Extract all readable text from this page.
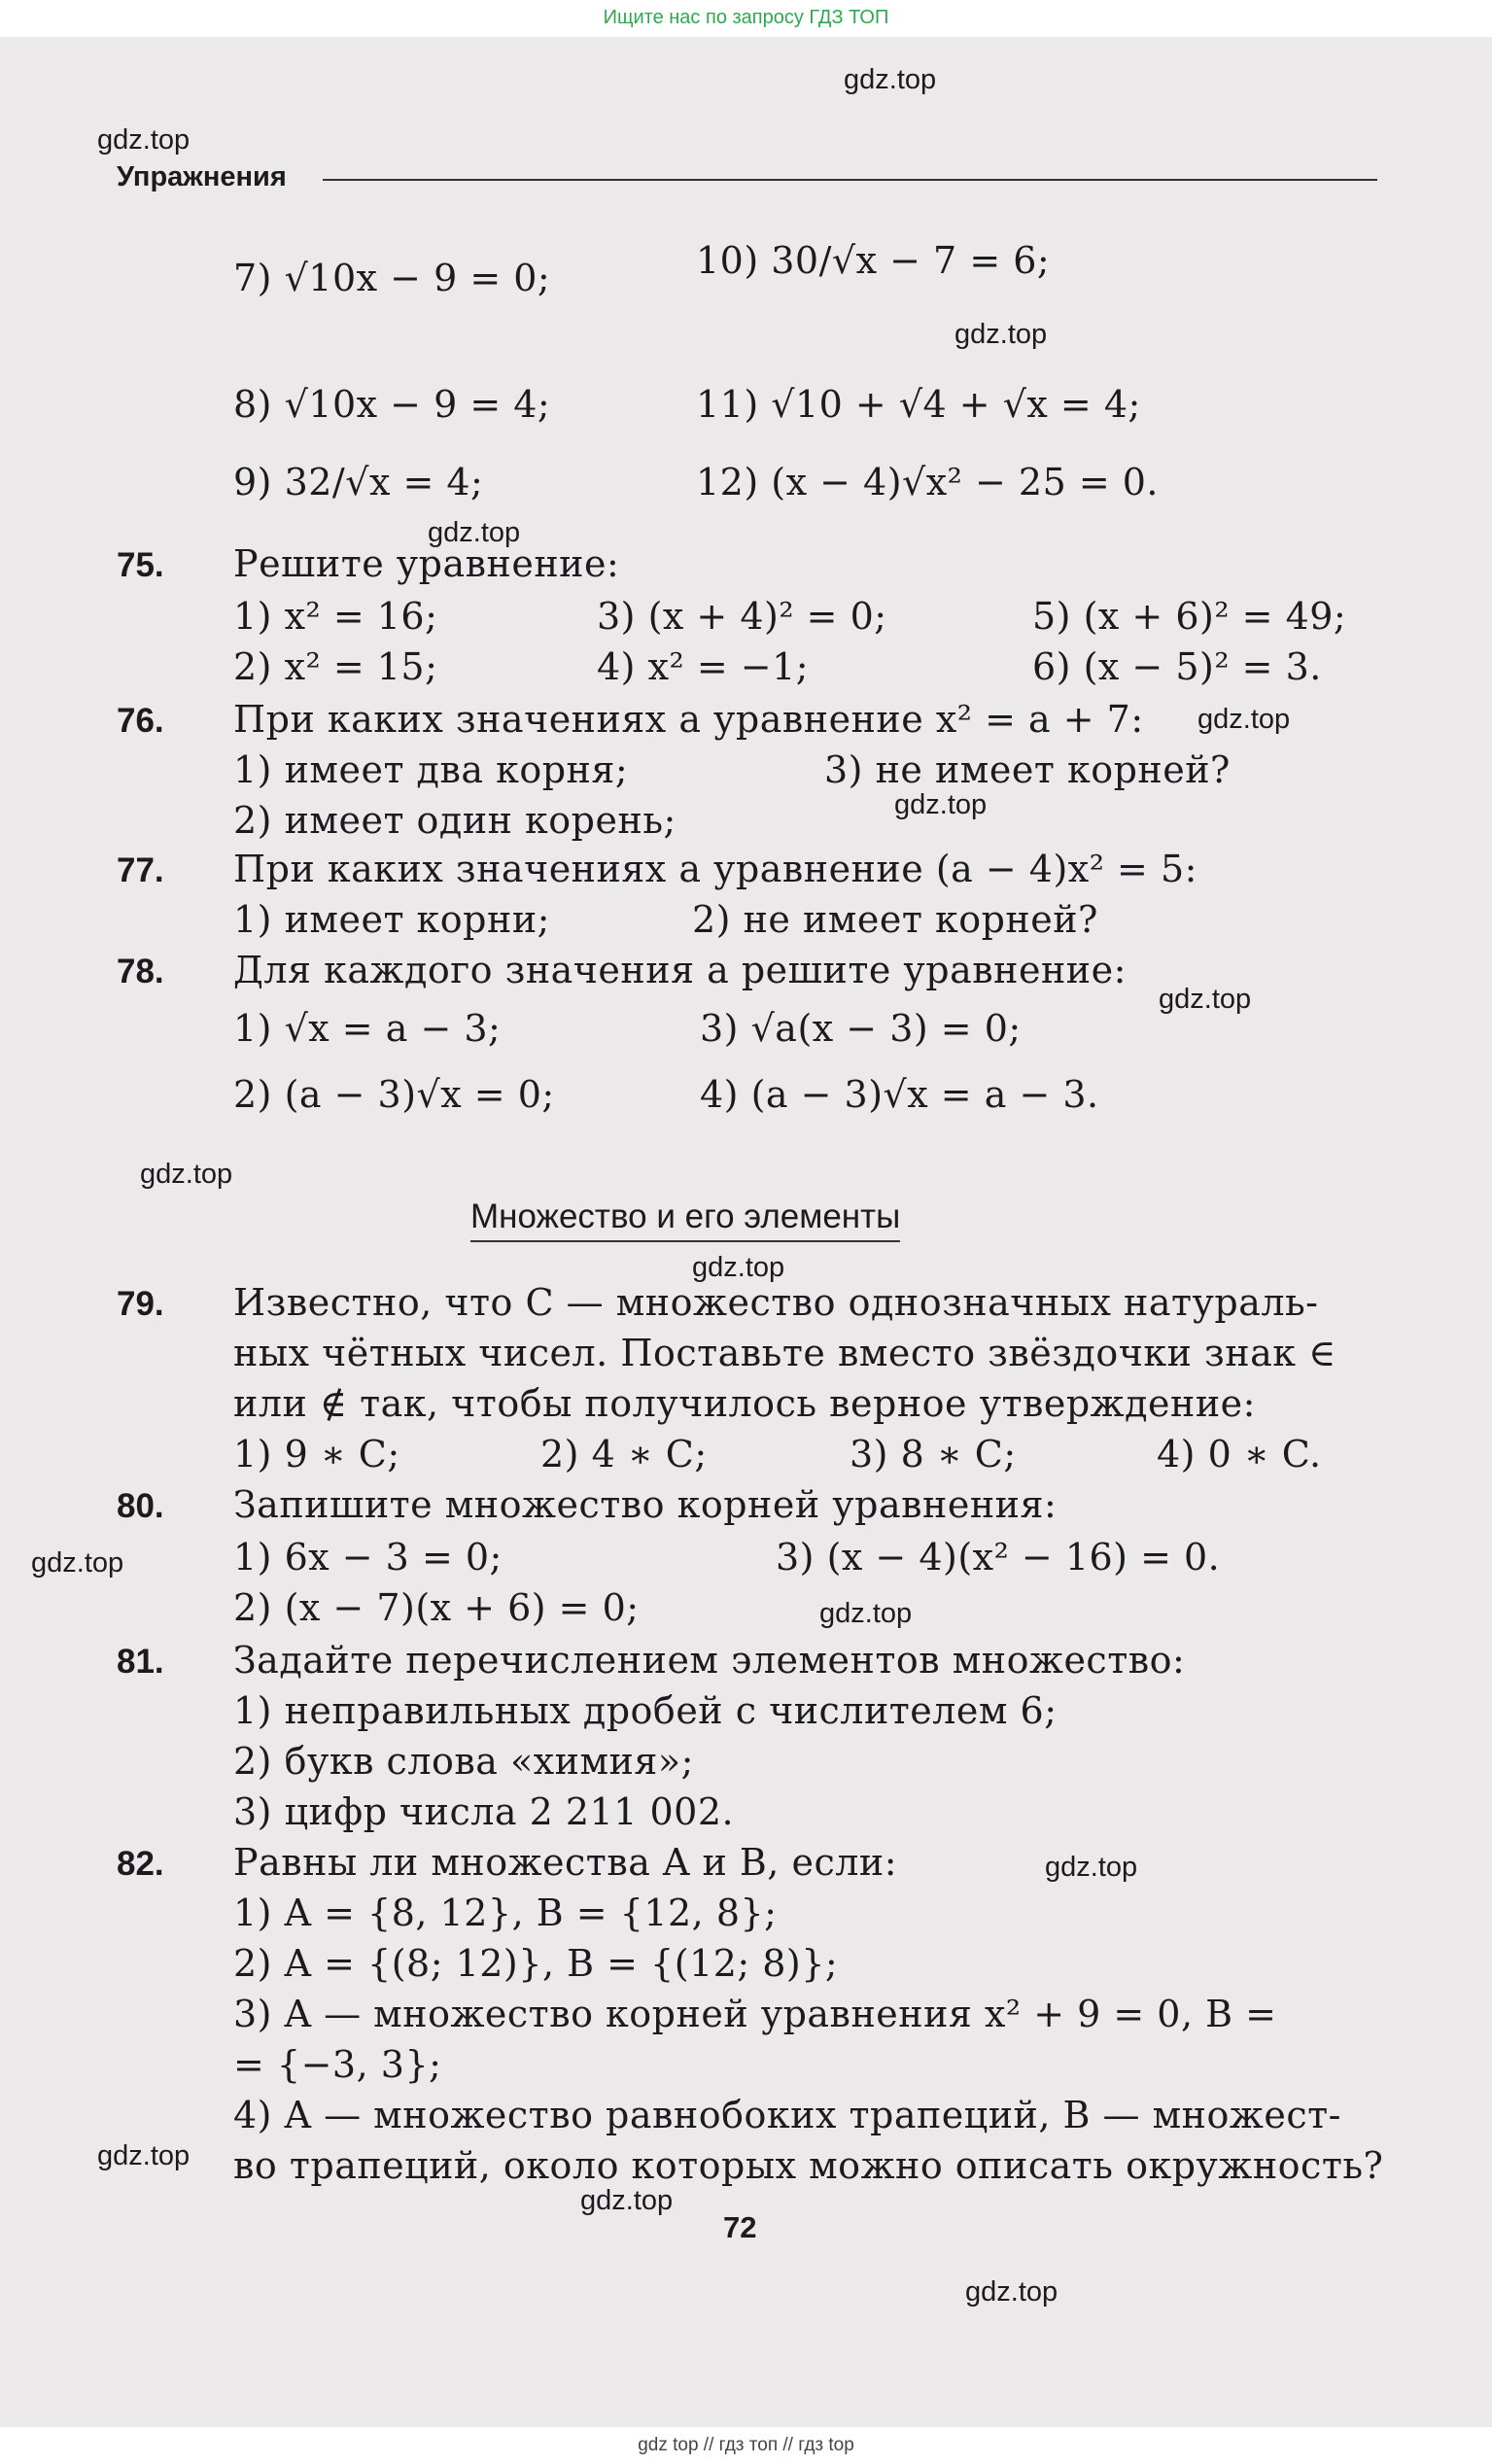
Ищите нас по запросу ГДЗ ТОП
gdz top // гдз топ // гдз top
gdz.top
gdz.top
gdz.top
gdz.top
gdz.top
gdz.top
gdz.top
gdz.top
gdz.top
gdz.top
gdz.top
gdz.top
gdz.top
gdz.top
gdz.top
Упражнения
7) √10x − 9 = 0;	10) 30/√x − 7 = 6;
8) √10x − 9 = 4;	11) √10 + √4 + √x = 4;
9) 32/√x = 4;	12) (x − 4)√x² − 25 = 0.
75. Решите уравнение:
1) x² = 16;	3) (x + 4)² = 0;	5) (x + 6)² = 49;
2) x² = 15;	4) x² = −1;	6) (x − 5)² = 3.
76. При каких значениях a уравнение x² = a + 7:
1) имеет два корня;	3) не имеет корней?
2) имеет один корень;
77. При каких значениях a уравнение (a − 4)x² = 5:
1) имеет корни;	2) не имеет корней?
78. Для каждого значения a решите уравнение:
1) √x = a − 3;	3) √a(x − 3) = 0;
2) (a − 3)√x = 0;	4) (a − 3)√x = a − 3.
Множество и его элементы
79. Известно, что C — множество однозначных натураль-
ных чётных чисел. Поставьте вместо звёздочки знак ∈
или ∉ так, чтобы получилось верное утверждение:
1) 9 ∗ C;	2) 4 ∗ C;	3) 8 ∗ C;	4) 0 ∗ C.
80. Запишите множество корней уравнения:
1) 6x − 3 = 0;	3) (x − 4)(x² − 16) = 0.
2) (x − 7)(x + 6) = 0;
81. Задайте перечислением элементов множество:
1) неправильных дробей с числителем 6;
2) букв слова «химия»;
3) цифр числа 2 211 002.
82. Равны ли множества A и B, если:
1) A = {8, 12}, B = {12, 8};
2) A = {(8; 12)}, B = {(12; 8)};
3) A — множество корней уравнения x² + 9 = 0, B =
= {−3, 3};
4) A — множество равнобоких трапеций, B — множест-
во трапеций, около которых можно описать окружность?
72
